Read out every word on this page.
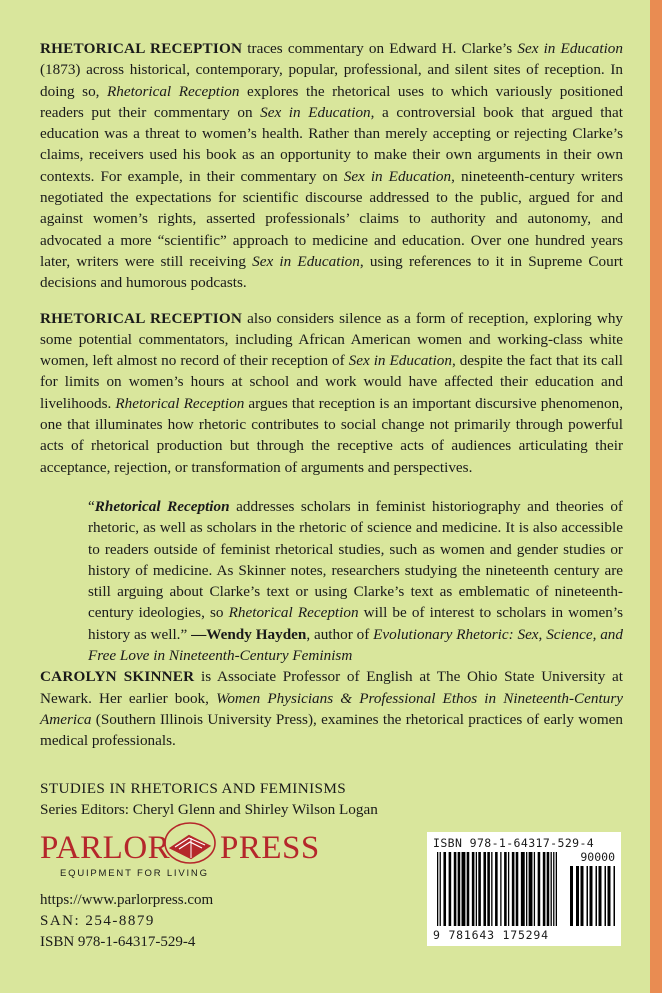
RHETORICAL RECEPTION traces commentary on Edward H. Clarke’s Sex in Education (1873) across historical, contemporary, popular, professional, and silent sites of reception. In doing so, Rhetorical Reception explores the rhetorical uses to which variously positioned readers put their commentary on Sex in Education, a controversial book that argued that education was a threat to women’s health. Rather than merely accepting or rejecting Clarke’s claims, receivers used his book as an opportunity to make their own arguments in their own contexts. For example, in their commentary on Sex in Education, nineteenth-century writers negotiated the expectations for scientific discourse addressed to the public, argued for and against women’s rights, asserted professionals’ claims to authority and autonomy, and advocated a more “scientific” approach to medicine and education. Over one hundred years later, writers were still receiving Sex in Education, using references to it in Supreme Court decisions and humorous podcasts.

RHETORICAL RECEPTION also considers silence as a form of reception, exploring why some potential commentators, including African American women and working-class white women, left almost no record of their reception of Sex in Education, despite the fact that its call for limits on women’s hours at school and work would have affected their education and livelihoods. Rhetorical Reception argues that reception is an important discursive phenomenon, one that illuminates how rhetoric contributes to social change not primarily through powerful acts of rhetorical production but through the receptive acts of audiences articulating their acceptance, rejection, or transformation of arguments and perspectives.

“Rhetorical Reception addresses scholars in feminist historiography and theories of rhetoric, as well as scholars in the rhetoric of science and medicine. It is also accessible to readers outside of feminist rhetorical studies, such as women and gender studies or history of medicine. As Skinner notes, researchers studying the nineteenth century are still arguing about Clarke’s text or using Clarke’s text as emblematic of nineteenth-century ideologies, so Rhetorical Reception will be of interest to scholars in women’s history as well.” —Wendy Hayden, author of Evolutionary Rhetoric: Sex, Science, and Free Love in Nineteenth-Century Feminism

CAROLYN SKINNER is Associate Professor of English at The Ohio State University at Newark. Her earlier book, Women Physicians & Professional Ethos in Nineteenth-Century America (Southern Illinois University Press), examines the rhetorical practices of early women medical professionals.

STUDIES IN RHETORICS AND FEMINISMS
Series Editors: Cheryl Glenn and Shirley Wilson Logan
PARLOR PRESS
EQUIPMENT FOR LIVING
https://www.parlorpress.com
SAN: 254-8879
ISBN 978-1-64317-529-4
ISBN 978-1-64317-529-4
90000
9 781643 175294
